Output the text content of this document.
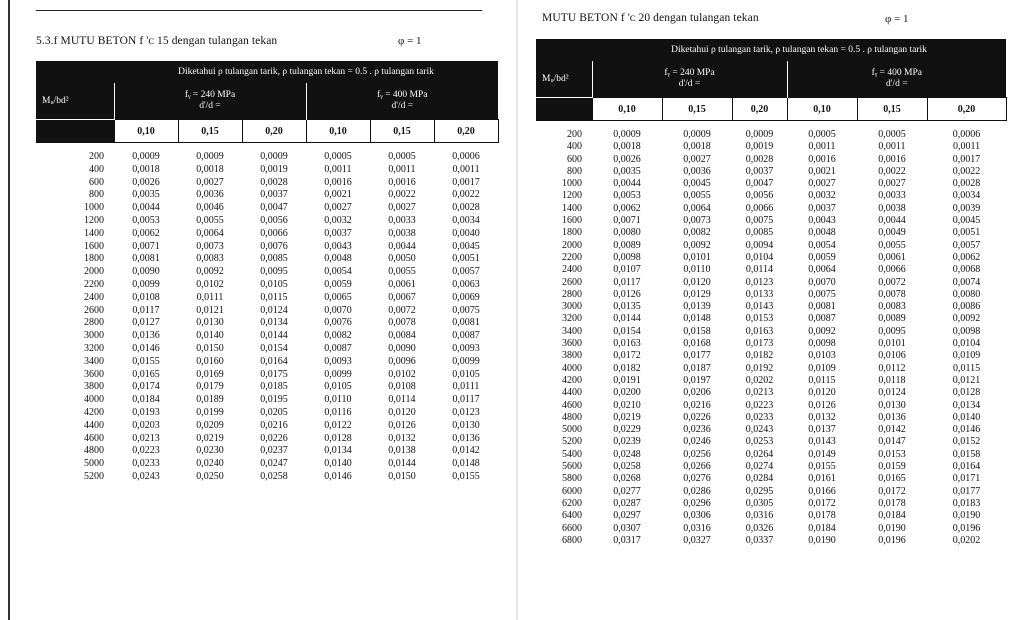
5.3.f MUTU BETON f 'ᴄ 15 dengan tulangan tekan	φ = 1
MUTU BETON f 'ᴄ 20 dengan tulangan tekan	φ = 1
	Diketahui ρ tulangan tarik, ρ tulangan tekan = 0.5 . ρ tulangan tarik					
Mᵤ/bd²	fᵧ = 240 MPa
d'/d =			fᵧ = 400 MPa
d'/d =		

	0,10	0,15	0,20	0,10	0,15	0,20

200	0,0009	0,0009	0,0009	0,0005	0,0005	0,0006
400	0,0018	0,0018	0,0019	0,0011	0,0011	0,0011
600	0,0026	0,0027	0,0028	0,0016	0,0016	0,0017
800	0,0035	0,0036	0,0037	0,0021	0,0022	0,0022
1000	0,0044	0,0046	0,0047	0,0027	0,0027	0,0028
1200	0,0053	0,0055	0,0056	0,0032	0,0033	0,0034
1400	0,0062	0,0064	0,0066	0,0037	0,0038	0,0040
1600	0,0071	0,0073	0,0076	0,0043	0,0044	0,0045
1800	0,0081	0,0083	0,0085	0,0048	0,0050	0,0051
2000	0,0090	0,0092	0,0095	0,0054	0,0055	0,0057
2200	0,0099	0,0102	0,0105	0,0059	0,0061	0,0063
2400	0,0108	0,0111	0,0115	0,0065	0,0067	0,0069
2600	0,0117	0,0121	0,0124	0,0070	0,0072	0,0075
2800	0,0127	0,0130	0,0134	0,0076	0,0078	0,0081
3000	0,0136	0,0140	0,0144	0,0082	0,0084	0,0087
3200	0,0146	0,0150	0,0154	0,0087	0,0090	0,0093
3400	0,0155	0,0160	0,0164	0,0093	0,0096	0,0099
3600	0,0165	0,0169	0,0175	0,0099	0,0102	0,0105
3800	0,0174	0,0179	0,0185	0,0105	0,0108	0,0111
4000	0,0184	0,0189	0,0195	0,0110	0,0114	0,0117
4200	0,0193	0,0199	0,0205	0,0116	0,0120	0,0123
4400	0,0203	0,0209	0,0216	0,0122	0,0126	0,0130
4600	0,0213	0,0219	0,0226	0,0128	0,0132	0,0136
4800	0,0223	0,0230	0,0237	0,0134	0,0138	0,0142
5000	0,0233	0,0240	0,0247	0,0140	0,0144	0,0148
5200	0,0243	0,0250	0,0258	0,0146	0,0150	0,0155
	Diketahui ρ tulangan tarik, ρ tulangan tekan = 0.5 . ρ tulangan tarik					
Mᵤ/bd²	fᵧ = 240 MPa
d'/d =			fᵧ = 400 MPa
d'/d =		

	0,10	0,15	0,20	0,10	0,15	0,20

200	0,0009	0,0009	0,0009	0,0005	0,0005	0,0006
400	0,0018	0,0018	0,0019	0,0011	0,0011	0,0011
600	0,0026	0,0027	0,0028	0,0016	0,0016	0,0017
800	0,0035	0,0036	0,0037	0,0021	0,0022	0,0022
1000	0,0044	0,0045	0,0047	0,0027	0,0027	0,0028
1200	0,0053	0,0055	0,0056	0,0032	0,0033	0,0034
1400	0,0062	0,0064	0,0066	0,0037	0,0038	0,0039
1600	0,0071	0,0073	0,0075	0,0043	0,0044	0,0045
1800	0,0080	0,0082	0,0085	0,0048	0,0049	0,0051
2000	0,0089	0,0092	0,0094	0,0054	0,0055	0,0057
2200	0,0098	0,0101	0,0104	0,0059	0,0061	0,0062
2400	0,0107	0,0110	0,0114	0,0064	0,0066	0,0068
2600	0,0117	0,0120	0,0123	0,0070	0,0072	0,0074
2800	0,0126	0,0129	0,0133	0,0075	0,0078	0,0080
3000	0,0135	0,0139	0,0143	0,0081	0,0083	0,0086
3200	0,0144	0,0148	0,0153	0,0087	0,0089	0,0092
3400	0,0154	0,0158	0,0163	0,0092	0,0095	0,0098
3600	0,0163	0,0168	0,0173	0,0098	0,0101	0,0104
3800	0,0172	0,0177	0,0182	0,0103	0,0106	0,0109
4000	0,0182	0,0187	0,0192	0,0109	0,0112	0,0115
4200	0,0191	0,0197	0,0202	0,0115	0,0118	0,0121
4400	0,0200	0,0206	0,0213	0,0120	0,0124	0,0128
4600	0,0210	0,0216	0,0223	0,0126	0,0130	0,0134
4800	0,0219	0,0226	0,0233	0,0132	0,0136	0,0140
5000	0,0229	0,0236	0,0243	0,0137	0,0142	0,0146
5200	0,0239	0,0246	0,0253	0,0143	0,0147	0,0152
5400	0,0248	0,0256	0,0264	0,0149	0,0153	0,0158
5600	0,0258	0,0266	0,0274	0,0155	0,0159	0,0164
5800	0,0268	0,0276	0,0284	0,0161	0,0165	0,0171
6000	0,0277	0,0286	0,0295	0,0166	0,0172	0,0177
6200	0,0287	0,0296	0,0305	0,0172	0,0178	0,0183
6400	0,0297	0,0306	0,0316	0,0178	0,0184	0,0190
6600	0,0307	0,0316	0,0326	0,0184	0,0190	0,0196
6800	0,0317	0,0327	0,0337	0,0190	0,0196	0,0202
